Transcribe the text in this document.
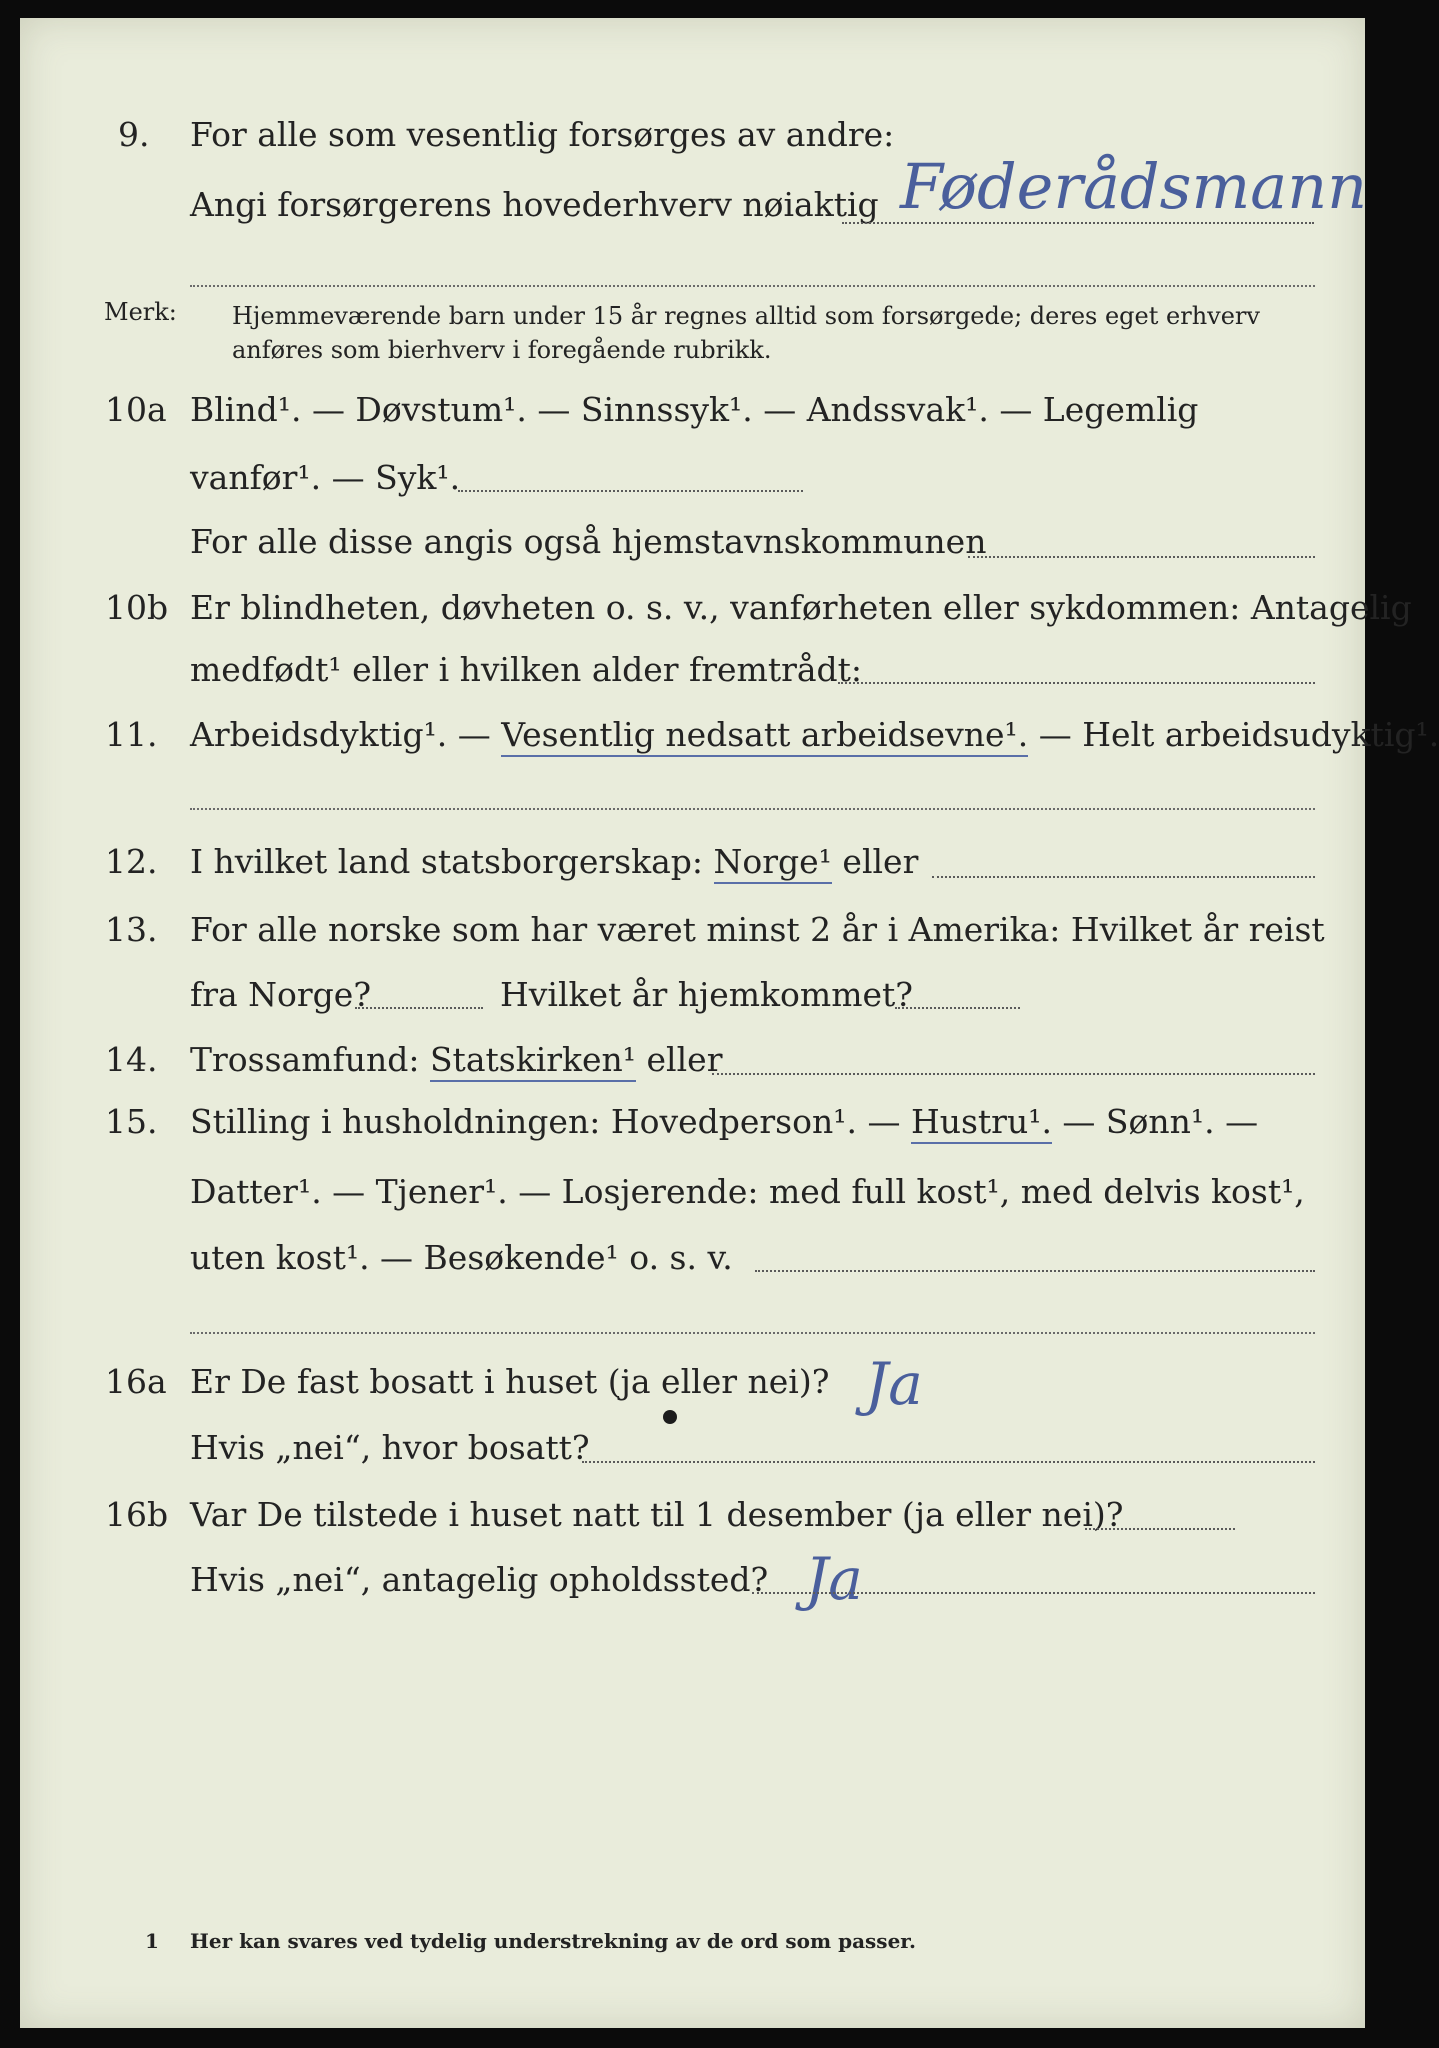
9. For alle som vesentlig forsørges av andre:
Angi forsørgerens hovederhverv nøiaktig Føderådsmann
Merk: Hjemmeværende barn under 15 år regnes alltid som forsørgede; deres eget erhverv
anføres som bierhverv i foregående rubrikk.
10a Blind¹. — Døvstum¹. — Sinnssyk¹. — Andssvak¹. — Legemlig
vanfør¹. — Syk¹.
For alle disse angis også hjemstavnskommunen
10b Er blindheten, døvheten o. s. v., vanførheten eller sykdommen: Antagelig
medfødt¹ eller i hvilken alder fremtrådt:
11. Arbeidsdyktig¹. — Vesentlig nedsatt arbeidsevne¹. — Helt arbeidsudyktig¹.
12. I hvilket land statsborgerskap: Norge¹ eller
13. For alle norske som har været minst 2 år i Amerika: Hvilket år reist
fra Norge?	Hvilket år hjemkommet?
14. Trossamfund: Statskirken¹ eller
15. Stilling i husholdningen: Hovedperson¹. — Hustru¹. — Sønn¹. —
Datter¹. — Tjener¹. — Losjerende: med full kost¹, med delvis kost¹,
uten kost¹. — Besøkende¹ o. s. v.
16a Er De fast bosatt i huset (ja eller nei)? Ja
Hvis „nei“, hvor bosatt?
16b Var De tilstede i huset natt til 1 desember (ja eller nei)?
Hvis „nei“, antagelig opholdssted? Ja
1 Her kan svares ved tydelig understrekning av de ord som passer.
